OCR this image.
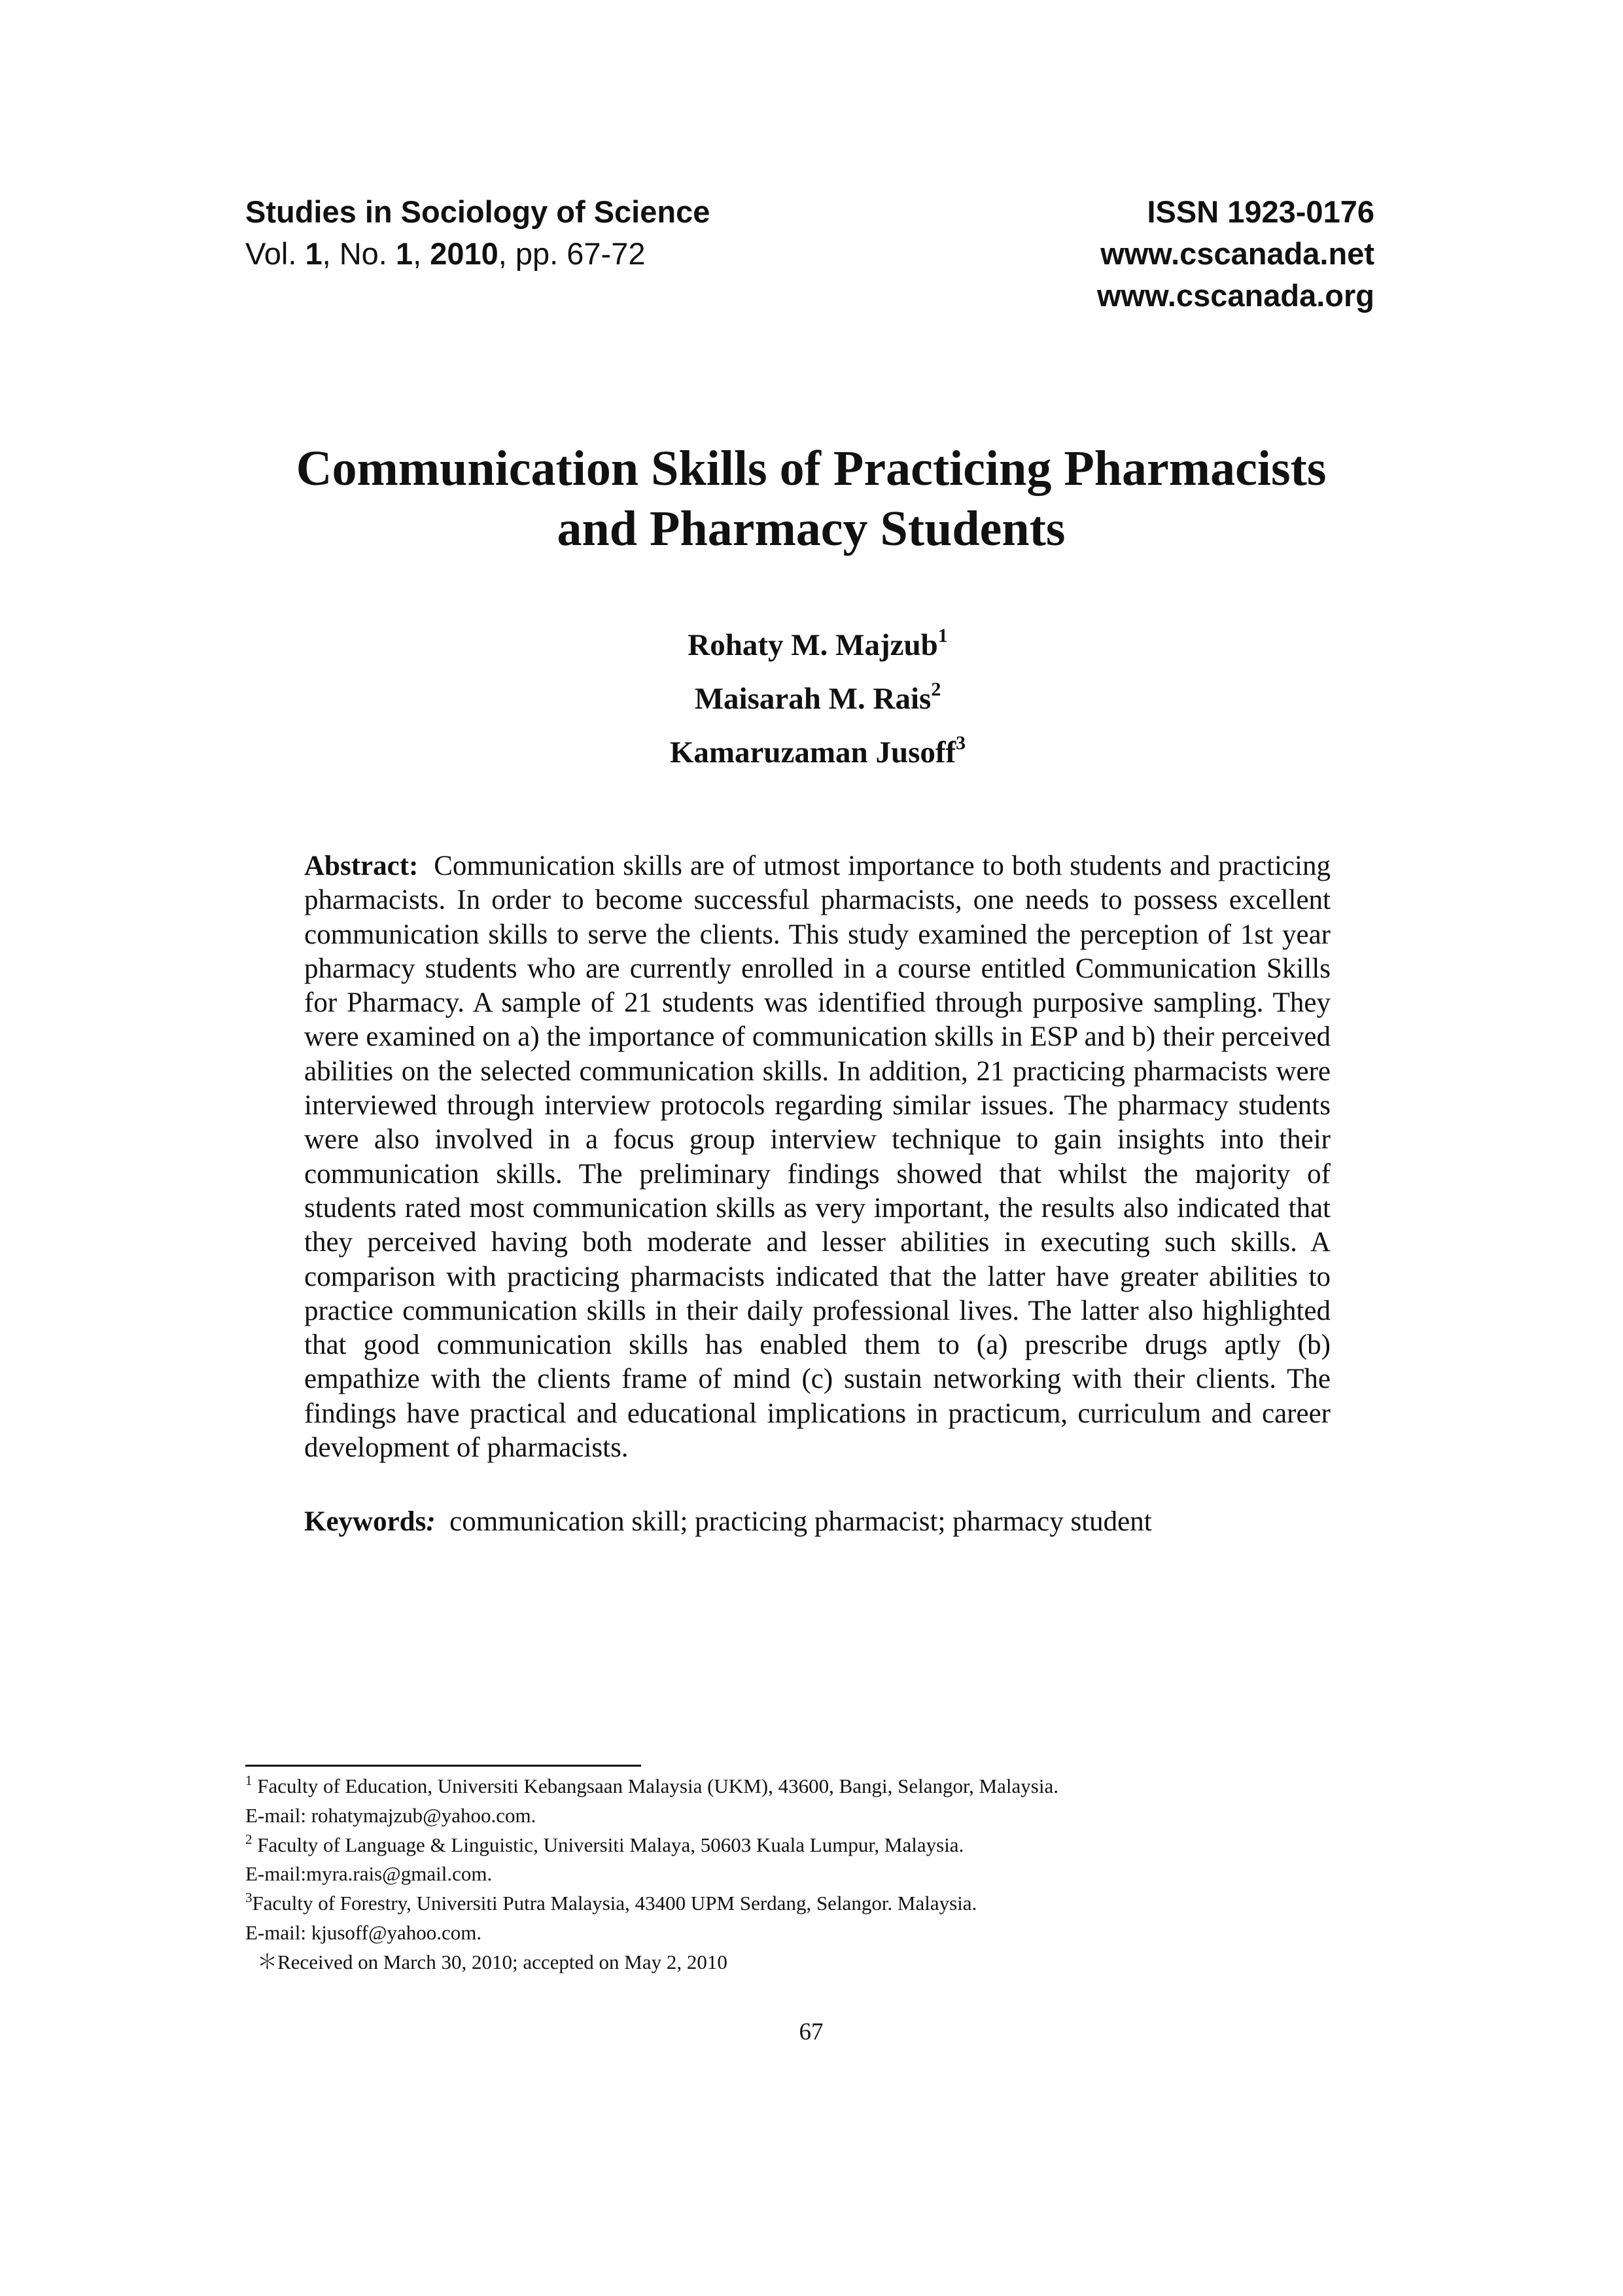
Studies in Sociology of Science
Vol. 1, No. 1, 2010, pp. 67-72
ISSN 1923-0176
www.cscanada.net
www.cscanada.org
Communication Skills of Practicing Pharmacists
and Pharmacy Students
Rohaty M. Majzub$^1$
Maisarah M. Rais$^2$
Kamaruzaman Jusoff$^3$

Abstract: Communication skills are of utmost importance to both students and practicing pharmacists. In order to become successful pharmacists, one needs to possess excellent communication skills to serve the clients. This study examined the perception of 1st year pharmacy students who are currently enrolled in a course entitled Communication Skills for Pharmacy. A sample of 21 students was identified through purposive sampling. They were examined on a) the importance of communication skills in ESP and b) their perceived abilities on the selected communication skills. In addition, 21 practicing pharmacists were interviewed through interview protocols regarding similar issues. The pharmacy students were also involved in a focus group interview technique to gain insights into their communication skills. The preliminary findings showed that whilst the majority of students rated most communication skills as very important, the results also indicated that they perceived having both moderate and lesser abilities in executing such skills. A comparison with practicing pharmacists indicated that the latter have greater abilities to practice communication skills in their daily professional lives. The latter also highlighted that good communication skills has enabled them to (a) prescribe drugs aptly (b) empathize with the clients frame of mind (c) sustain networking with their clients. The findings have practical and educational implications in practicum, curriculum and career development of pharmacists.

Keywords: communication skill; practicing pharmacist; pharmacy student

$^1$ Faculty of Education, Universiti Kebangsaan Malaysia (UKM), 43600, Bangi, Selangor, Malaysia.
E-mail: rohatymajzub@yahoo.com.
$^2$ Faculty of Language & Linguistic, Universiti Malaya, 50603 Kuala Lumpur, Malaysia.
E-mail:myra.rais@gmail.com.
$^3$Faculty of Forestry, Universiti Putra Malaysia, 43400 UPM Serdang, Selangor. Malaysia.
E-mail: kjusoff@yahoo.com.
＊Received on March 30, 2010; accepted on May 2, 2010
67
